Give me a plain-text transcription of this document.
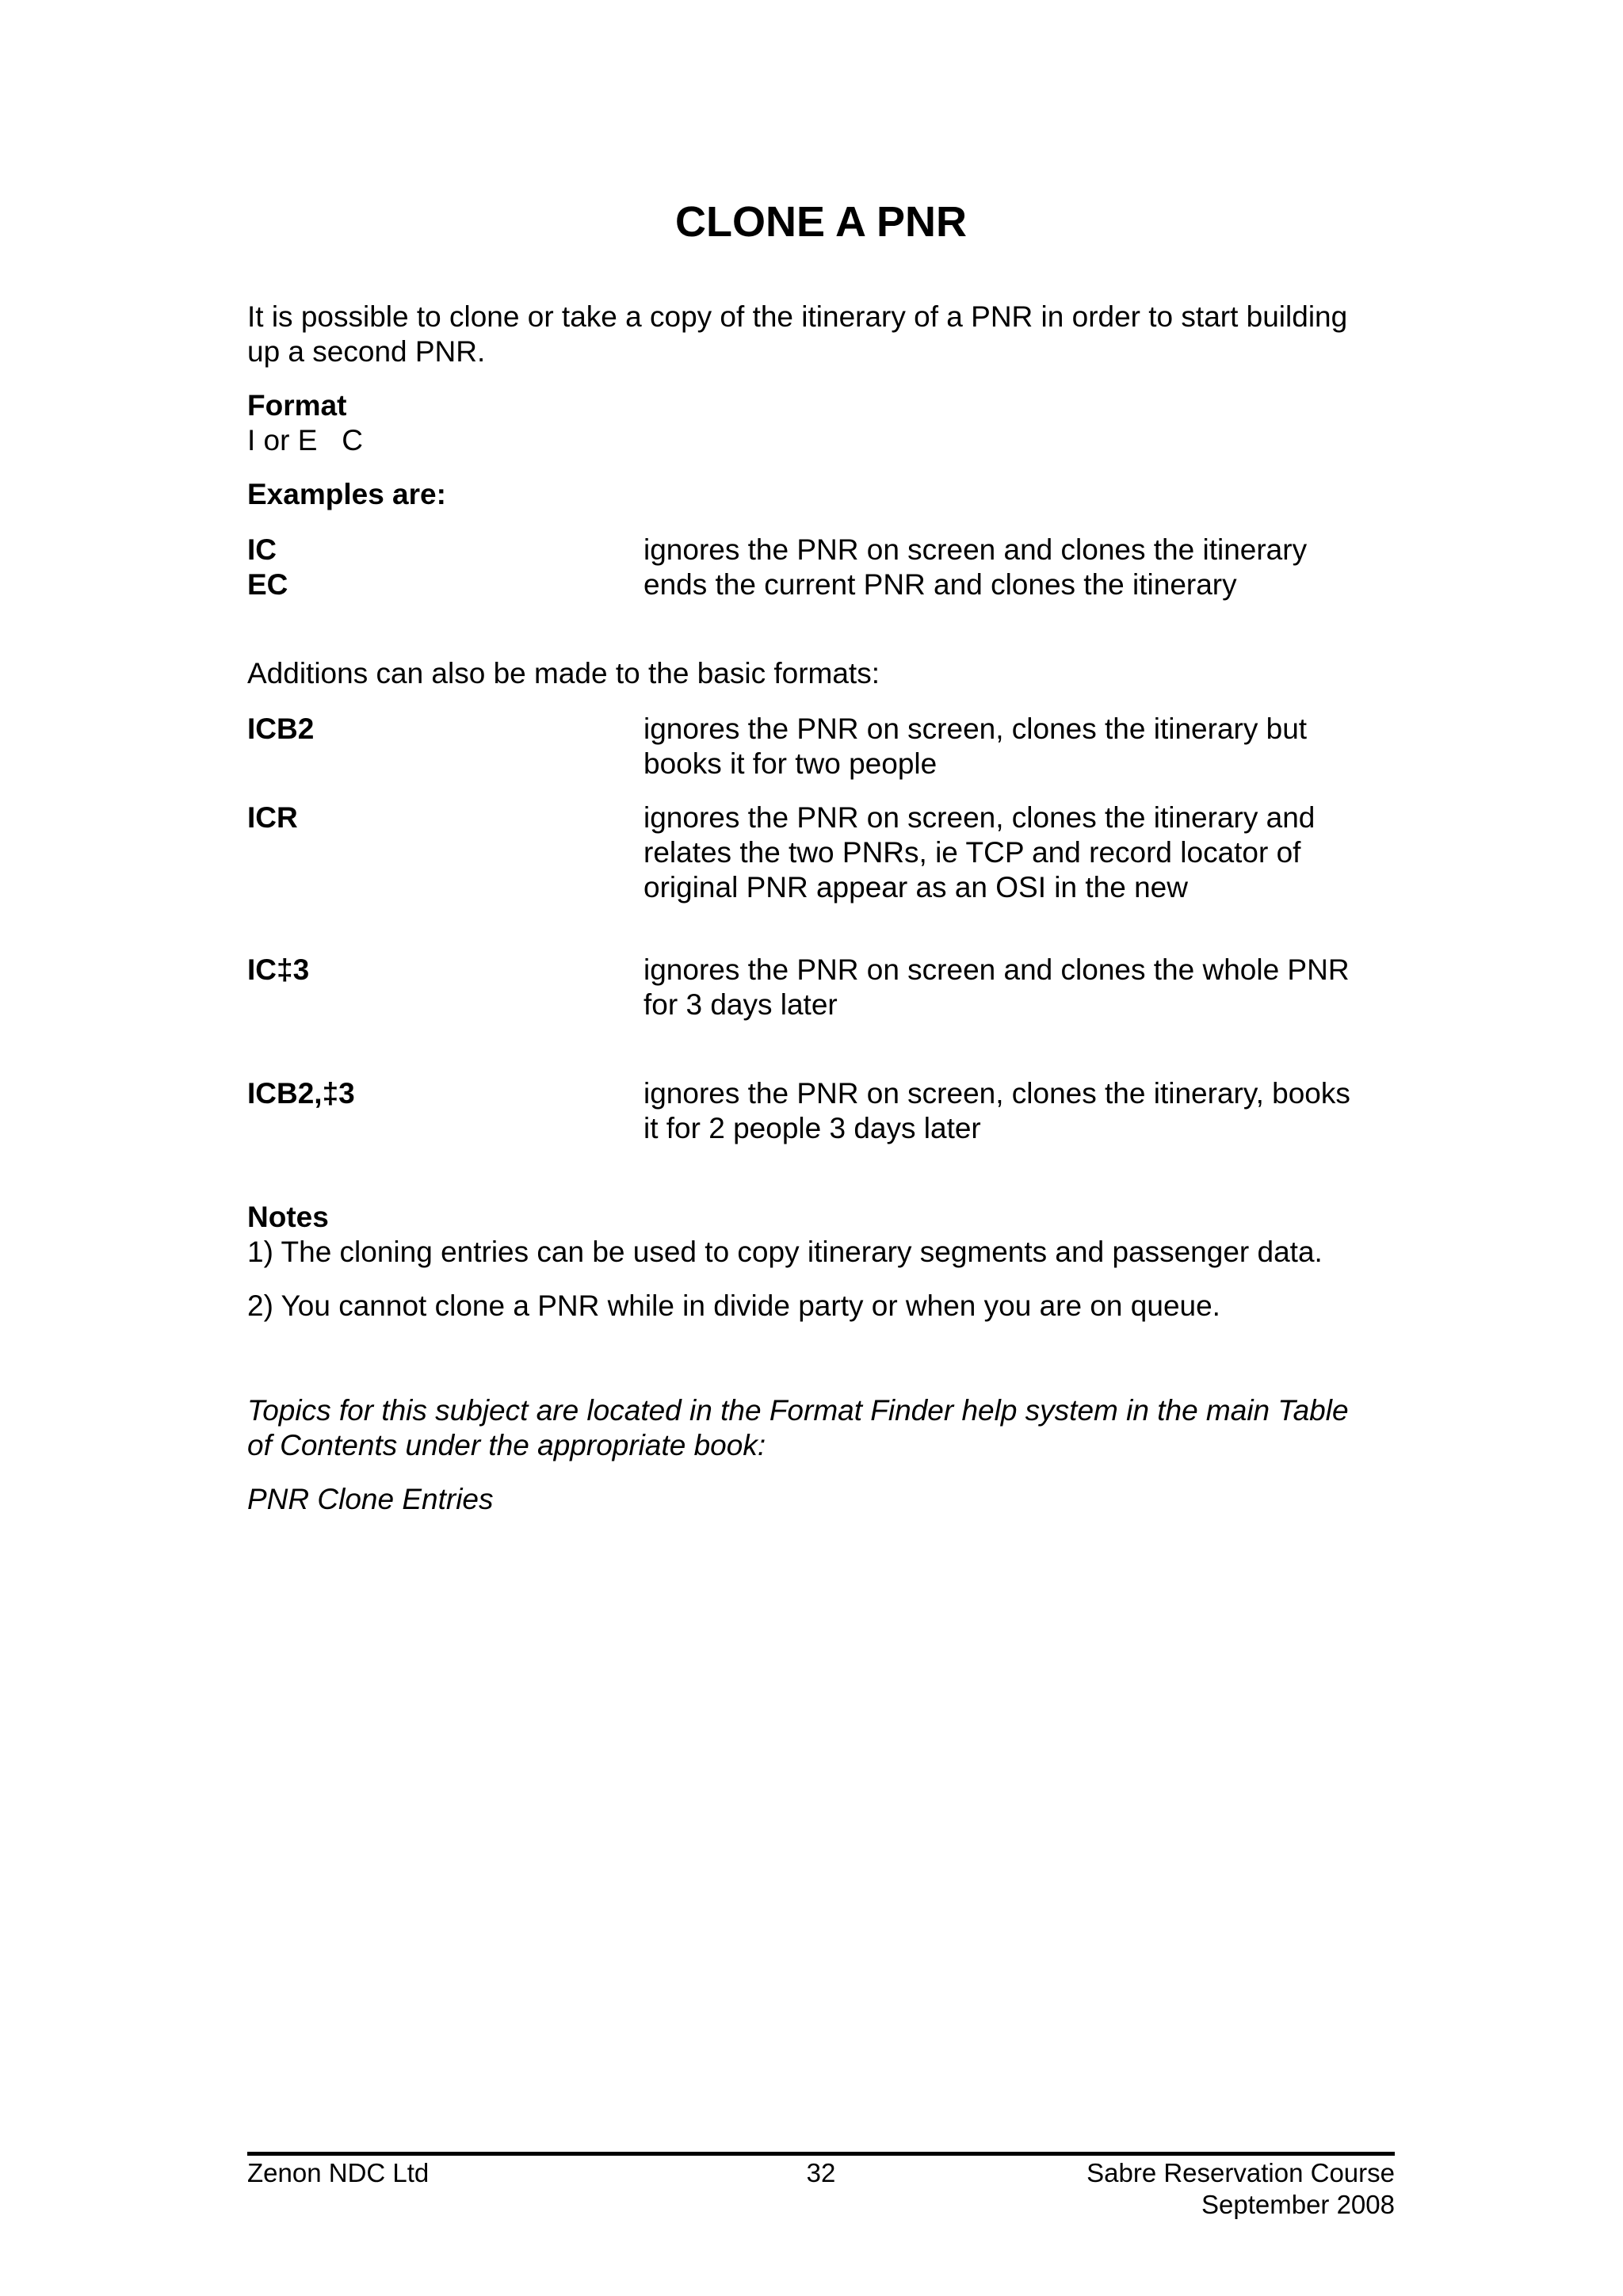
CLONE A PNR

It is possible to clone or take a copy of the itinerary of a PNR in order to start building

up a second PNR.

Format

I or E   C

Examples are:

IC	ignores the PNR on screen and clones the itinerary

EC	ends the current PNR and clones the itinerary

Additions can also be made to the basic formats:

ICB2	ignores the PNR on screen, clones the itinerary but

books it for two people

ICR	ignores the PNR on screen, clones the itinerary and

relates the two PNRs, ie TCP and record locator of

original PNR appear as an OSI in the new

IC‡3	ignores the PNR on screen and clones the whole PNR

for 3 days later

ICB2,‡3	ignores the PNR on screen, clones the itinerary, books

it for 2 people 3 days later

Notes

1) The cloning entries can be used to copy itinerary segments and passenger data.

2) You cannot clone a PNR while in divide party or when you are on queue.

Topics for this subject are located in the Format Finder help system in the main Table

of Contents under the appropriate book:

PNR Clone Entries

Zenon NDC Ltd	32	Sabre Reservation Course

September 2008
